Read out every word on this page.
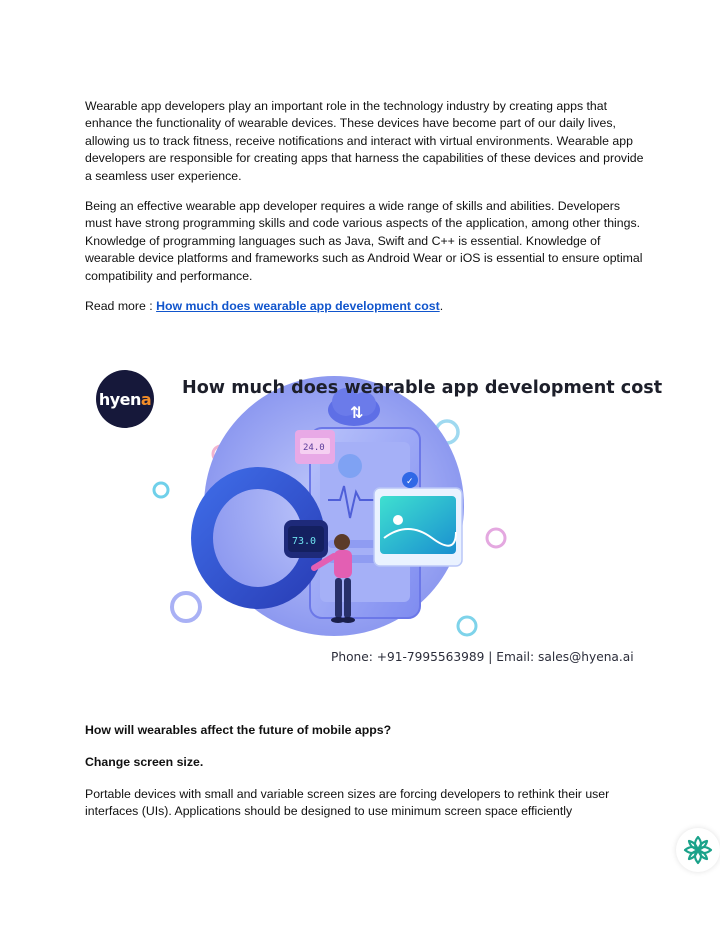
Wearable app developers play an important role in the technology industry by creating apps that enhance the functionality of wearable devices. These devices have become part of our daily lives, allowing us to track fitness, receive notifications and interact with virtual environments. Wearable app developers are responsible for creating apps that harness the capabilities of these devices and provide a seamless user experience.

Being an effective wearable app developer requires a wide range of skills and abilities. Developers must have strong programming skills and code various aspects of the application, among other things. Knowledge of programming languages such as Java, Swift and C++ is essential. Knowledge of wearable device platforms and frameworks such as Android Wear or iOS is essential to ensure optimal compatibility and performance.

Read more : How much does wearable app development cost.

⇅
24.0
✓
73.0
hyena
How much does wearable app development cost
Phone: +91-7995563989 | Email: sales@hyena.ai

How will wearables affect the future of mobile apps?

Change screen size.

Portable devices with small and variable screen sizes are forcing developers to rethink their user interfaces (UIs). Applications should be designed to use minimum screen space efficiently
